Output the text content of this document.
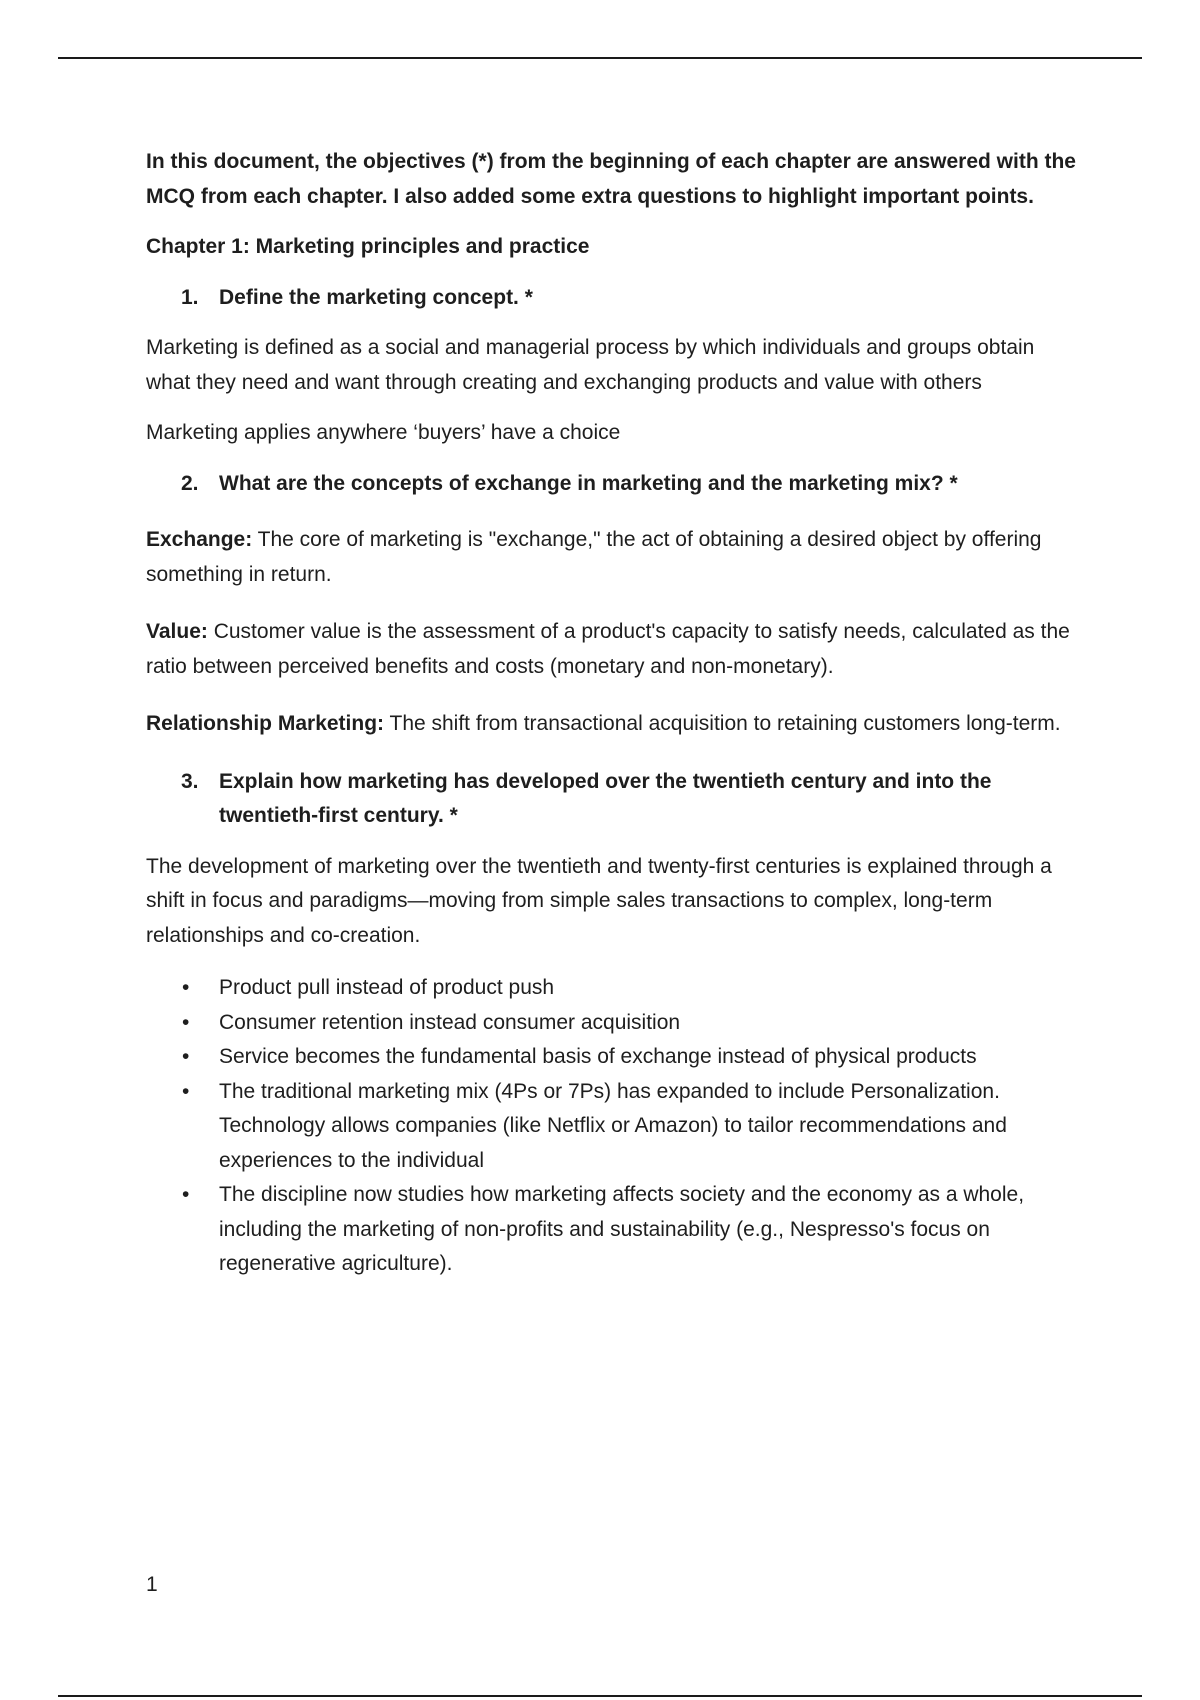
In this document, the objectives (*) from the beginning of each chapter are answered with the MCQ from each chapter. I also added some extra questions to highlight important points.

Chapter 1: Marketing principles and practice

1. Define the marketing concept. *

Marketing is defined as a social and managerial process by which individuals and groups obtain what they need and want through creating and exchanging products and value with others

Marketing applies anywhere ‘buyers’ have a choice

2. What are the concepts of exchange in marketing and the marketing mix? *

Exchange: The core of marketing is "exchange," the act of obtaining a desired object by offering something in return.

Value: Customer value is the assessment of a product's capacity to satisfy needs, calculated as the ratio between perceived benefits and costs (monetary and non-monetary).

Relationship Marketing: The shift from transactional acquisition to retaining customers long-term.

3. Explain how marketing has developed over the twentieth century and into the twentieth-first century. *

The development of marketing over the twentieth and twenty-first centuries is explained through a shift in focus and paradigms—moving from simple sales transactions to complex, long-term relationships and co-creation.

•	Product pull instead of product push
•	Consumer retention instead consumer acquisition
•	Service becomes the fundamental basis of exchange instead of physical products
•	The traditional marketing mix (4Ps or 7Ps) has expanded to include Personalization. Technology allows companies (like Netflix or Amazon) to tailor recommendations and experiences to the individual
•	The discipline now studies how marketing affects society and the economy as a whole, including the marketing of non-profits and sustainability (e.g., Nespresso's focus on regenerative agriculture).
1
